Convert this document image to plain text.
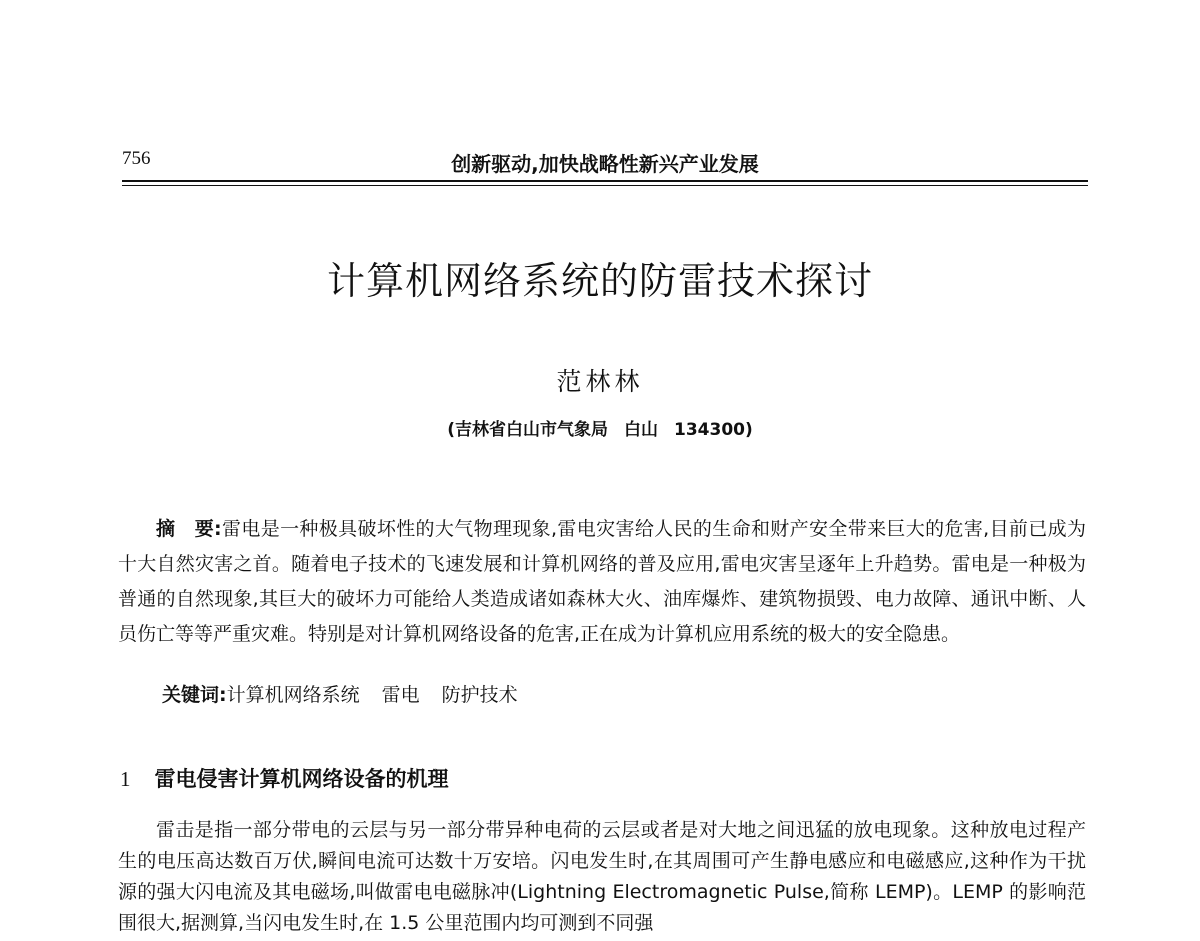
756	创新驱动,加快战略性新兴产业发展
计算机网络系统的防雷技术探讨
范林林
(吉林省白山市气象局 白山 134300)

摘　要:雷电是一种极具破坏性的大气物理现象,雷电灾害给人民的生命和财产安全带来巨大的危害,目前已成为十大自然灾害之首。随着电子技术的飞速发展和计算机网络的普及应用,雷电灾害呈逐年上升趋势。雷电是一种极为普通的自然现象,其巨大的破坏力可能给人类造成诸如森林大火、油库爆炸、建筑物损毁、电力故障、通讯中断、人员伤亡等等严重灾难。特别是对计算机网络设备的危害,正在成为计算机应用系统的极大的安全隐患。

关键词:计算机网络系统 雷电 防护技术
1 雷电侵害计算机网络设备的机理

雷击是指一部分带电的云层与另一部分带异种电荷的云层或者是对大地之间迅猛的放电现象。这种放电过程产生的电压高达数百万伏,瞬间电流可达数十万安培。闪电发生时,在其周围可产生静电感应和电磁感应,这种作为干扰源的强大闪电流及其电磁场,叫做雷电电磁脉冲(Lightning Electromagnetic Pulse,简称 LEMP)。LEMP 的影响范围很大,据测算,当闪电发生时,在 1.5 公里范围内均可测到不同强
